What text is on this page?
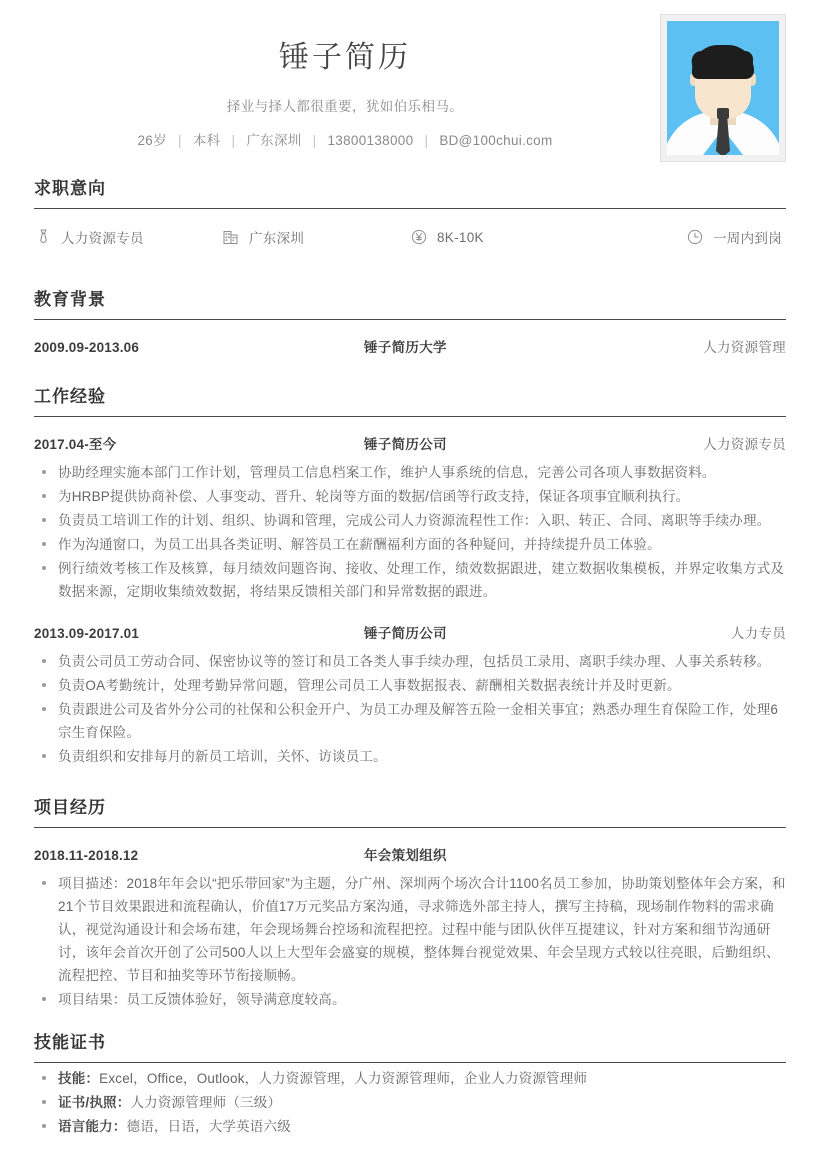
锤子简历
择业与择人都很重要，犹如伯乐相马。
26岁 | 本科 | 广东深圳 | 13800138000 | BD@100chui.com
求职意向
人力资源专员	广东深圳	8K-10K	一周内到岗
教育背景
2009.09-2013.06	锤子简历大学	人力资源管理
工作经验
2017.04-至今	锤子简历公司	人力资源专员
协助经理实施本部门工作计划，管理员工信息档案工作，维护人事系统的信息，完善公司各项人事数据资料。
为HRBP提供协商补偿、人事变动、晋升、轮岗等方面的数据/信函等行政支持，保证各项事宜顺利执行。
负责员工培训工作的计划、组织、协调和管理，完成公司人力资源流程性工作：入职、转正、合同、离职等手续办理。
作为沟通窗口，为员工出具各类证明、解答员工在薪酬福利方面的各种疑问，并持续提升员工体验。
例行绩效考核工作及核算，每月绩效问题咨询、接收、处理工作，绩效数据跟进，建立数据收集模板，并界定收集方式及数据来源，定期收集绩效数据，将结果反馈相关部门和异常数据的跟进。
2013.09-2017.01	锤子简历公司	人力专员
负责公司员工劳动合同、保密协议等的签订和员工各类人事手续办理，包括员工录用、离职手续办理、人事关系转移。
负责OA考勤统计，处理考勤异常问题，管理公司员工人事数据报表、薪酬相关数据表统计并及时更新。
负责跟进公司及省外分公司的社保和公积金开户、为员工办理及解答五险一金相关事宜；熟悉办理生育保险工作，处理6宗生育保险。
负责组织和安排每月的新员工培训，关怀、访谈员工。
项目经历
2018.11-2018.12	年会策划组织
项目描述：2018年年会以“把乐带回家”为主题，分广州、深圳两个场次合计1100名员工参加，协助策划整体年会方案，和21个节目效果跟进和流程确认，价值17万元奖品方案沟通，寻求筛选外部主持人，撰写主持稿，现场制作物料的需求确认，视觉沟通设计和会场布建，年会现场舞台控场和流程把控。过程中能与团队伙伴互提建议，针对方案和细节沟通研讨，该年会首次开创了公司500人以上大型年会盛宴的规模，整体舞台视觉效果、年会呈现方式较以往亮眼，后勤组织、流程把控、节目和抽奖等环节衔接顺畅。
项目结果：员工反馈体验好，领导满意度较高。
技能证书
技能：Excel，Office，Outlook，人力资源管理，人力资源管理师，企业人力资源管理师
证书/执照：人力资源管理师（三级）
语言能力：德语，日语，大学英语六级
